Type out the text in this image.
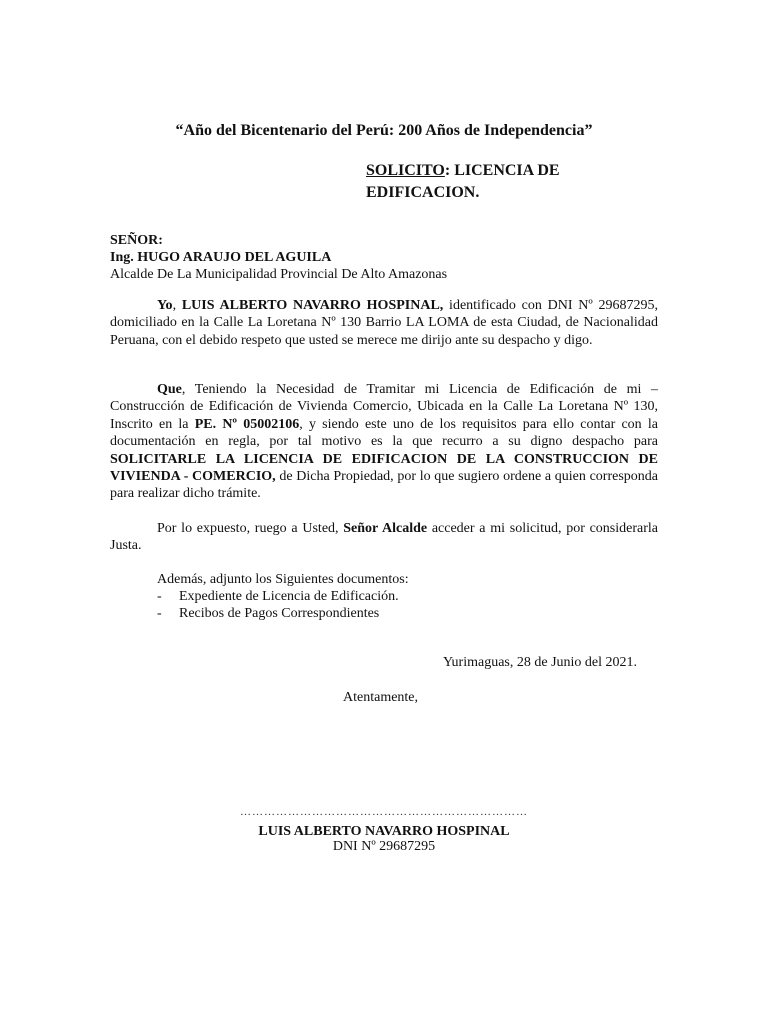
“Año del Bicentenario del Perú: 200 Años de Independencia”
SOLICITO: LICENCIA DE
EDIFICACION.
SEÑOR:
Ing. HUGO ARAUJO DEL AGUILA
Alcalde De La Municipalidad Provincial De Alto Amazonas
Yo, LUIS ALBERTO NAVARRO HOSPINAL, identificado con DNI Nº 29687295, domiciliado en la Calle La Loretana Nº 130 Barrio LA LOMA de esta Ciudad, de Nacionalidad Peruana, con el debido respeto que usted se merece me dirijo ante su despacho y digo.
Que, Teniendo la Necesidad de Tramitar mi Licencia de Edificación de mi – Construcción de Edificación de Vivienda Comercio, Ubicada en la Calle La Loretana Nº 130, Inscrito en la PE. Nº 05002106, y siendo este uno de los requisitos para ello contar con la documentación en regla, por tal motivo es la que recurro a su digno despacho para SOLICITARLE LA LICENCIA DE EDIFICACION DE LA CONSTRUCCION DE VIVIENDA - COMERCIO, de Dicha Propiedad, por lo que sugiero ordene a quien corresponda para realizar dicho trámite.
Por lo expuesto, ruego a Usted, Señor Alcalde acceder a mi solicitud, por considerarla Justa.
Además, adjunto los Siguientes documentos:
- Expediente de Licencia de Edificación.
- Recibos de Pagos Correspondientes
Yurimaguas, 28 de Junio del 2021.
Atentamente,
………………………………………………………………
LUIS ALBERTO NAVARRO HOSPINAL
DNI Nº 29687295
